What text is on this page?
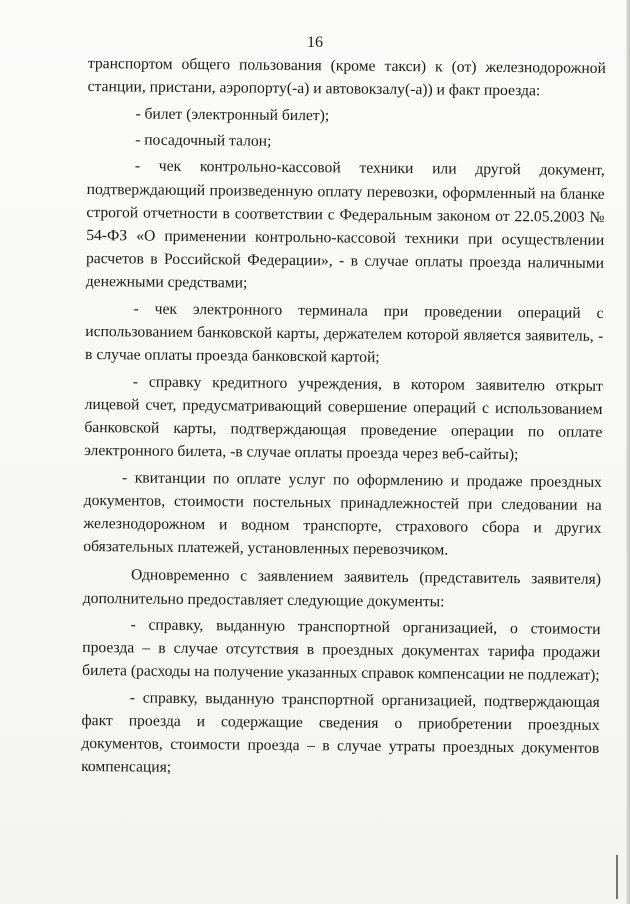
16

транспортом общего пользования (кроме такси) к (от) железнодорожной станции, пристани, аэропорту(-а) и автовокзалу(-а)) и факт проезда:

- билет (электронный билет);

- посадочный талон;

- чек контрольно-кассовой техники или другой документ, подтверждающий произведенную оплату перевозки, оформленный на бланке строгой отчетности в соответствии с Федеральным законом от 22.05.2003 № 54-ФЗ «О применении контрольно-кассовой техники при осуществлении расчетов в Российской Федерации», - в случае оплаты проезда наличными денежными средствами;

- чек электронного терминала при проведении операций с использованием банковской карты, держателем которой является заявитель, - в случае оплаты проезда банковской картой;

- справку кредитного учреждения, в котором заявителю открыт лицевой счет, предусматривающий совершение операций с использованием банковской карты, подтверждающая проведение операции по оплате электронного билета, -в случае оплаты проезда через веб-сайты);

- квитанции по оплате услуг по оформлению и продаже проездных документов, стоимости постельных принадлежностей при следовании на железнодорожном и водном транспорте, страхового сбора и других обязательных платежей, установленных перевозчиком.

Одновременно с заявлением заявитель (представитель заявителя) дополнительно предоставляет следующие документы:

- справку, выданную транспортной организацией, о стоимости проезда – в случае отсутствия в проездных документах тарифа продажи билета (расходы на получение указанных справок компенсации не подлежат);

- справку, выданную транспортной организацией, подтверждающая факт проезда и содержащие сведения о приобретении проездных документов, стоимости проезда – в случае утраты проездных документов компенсация;
